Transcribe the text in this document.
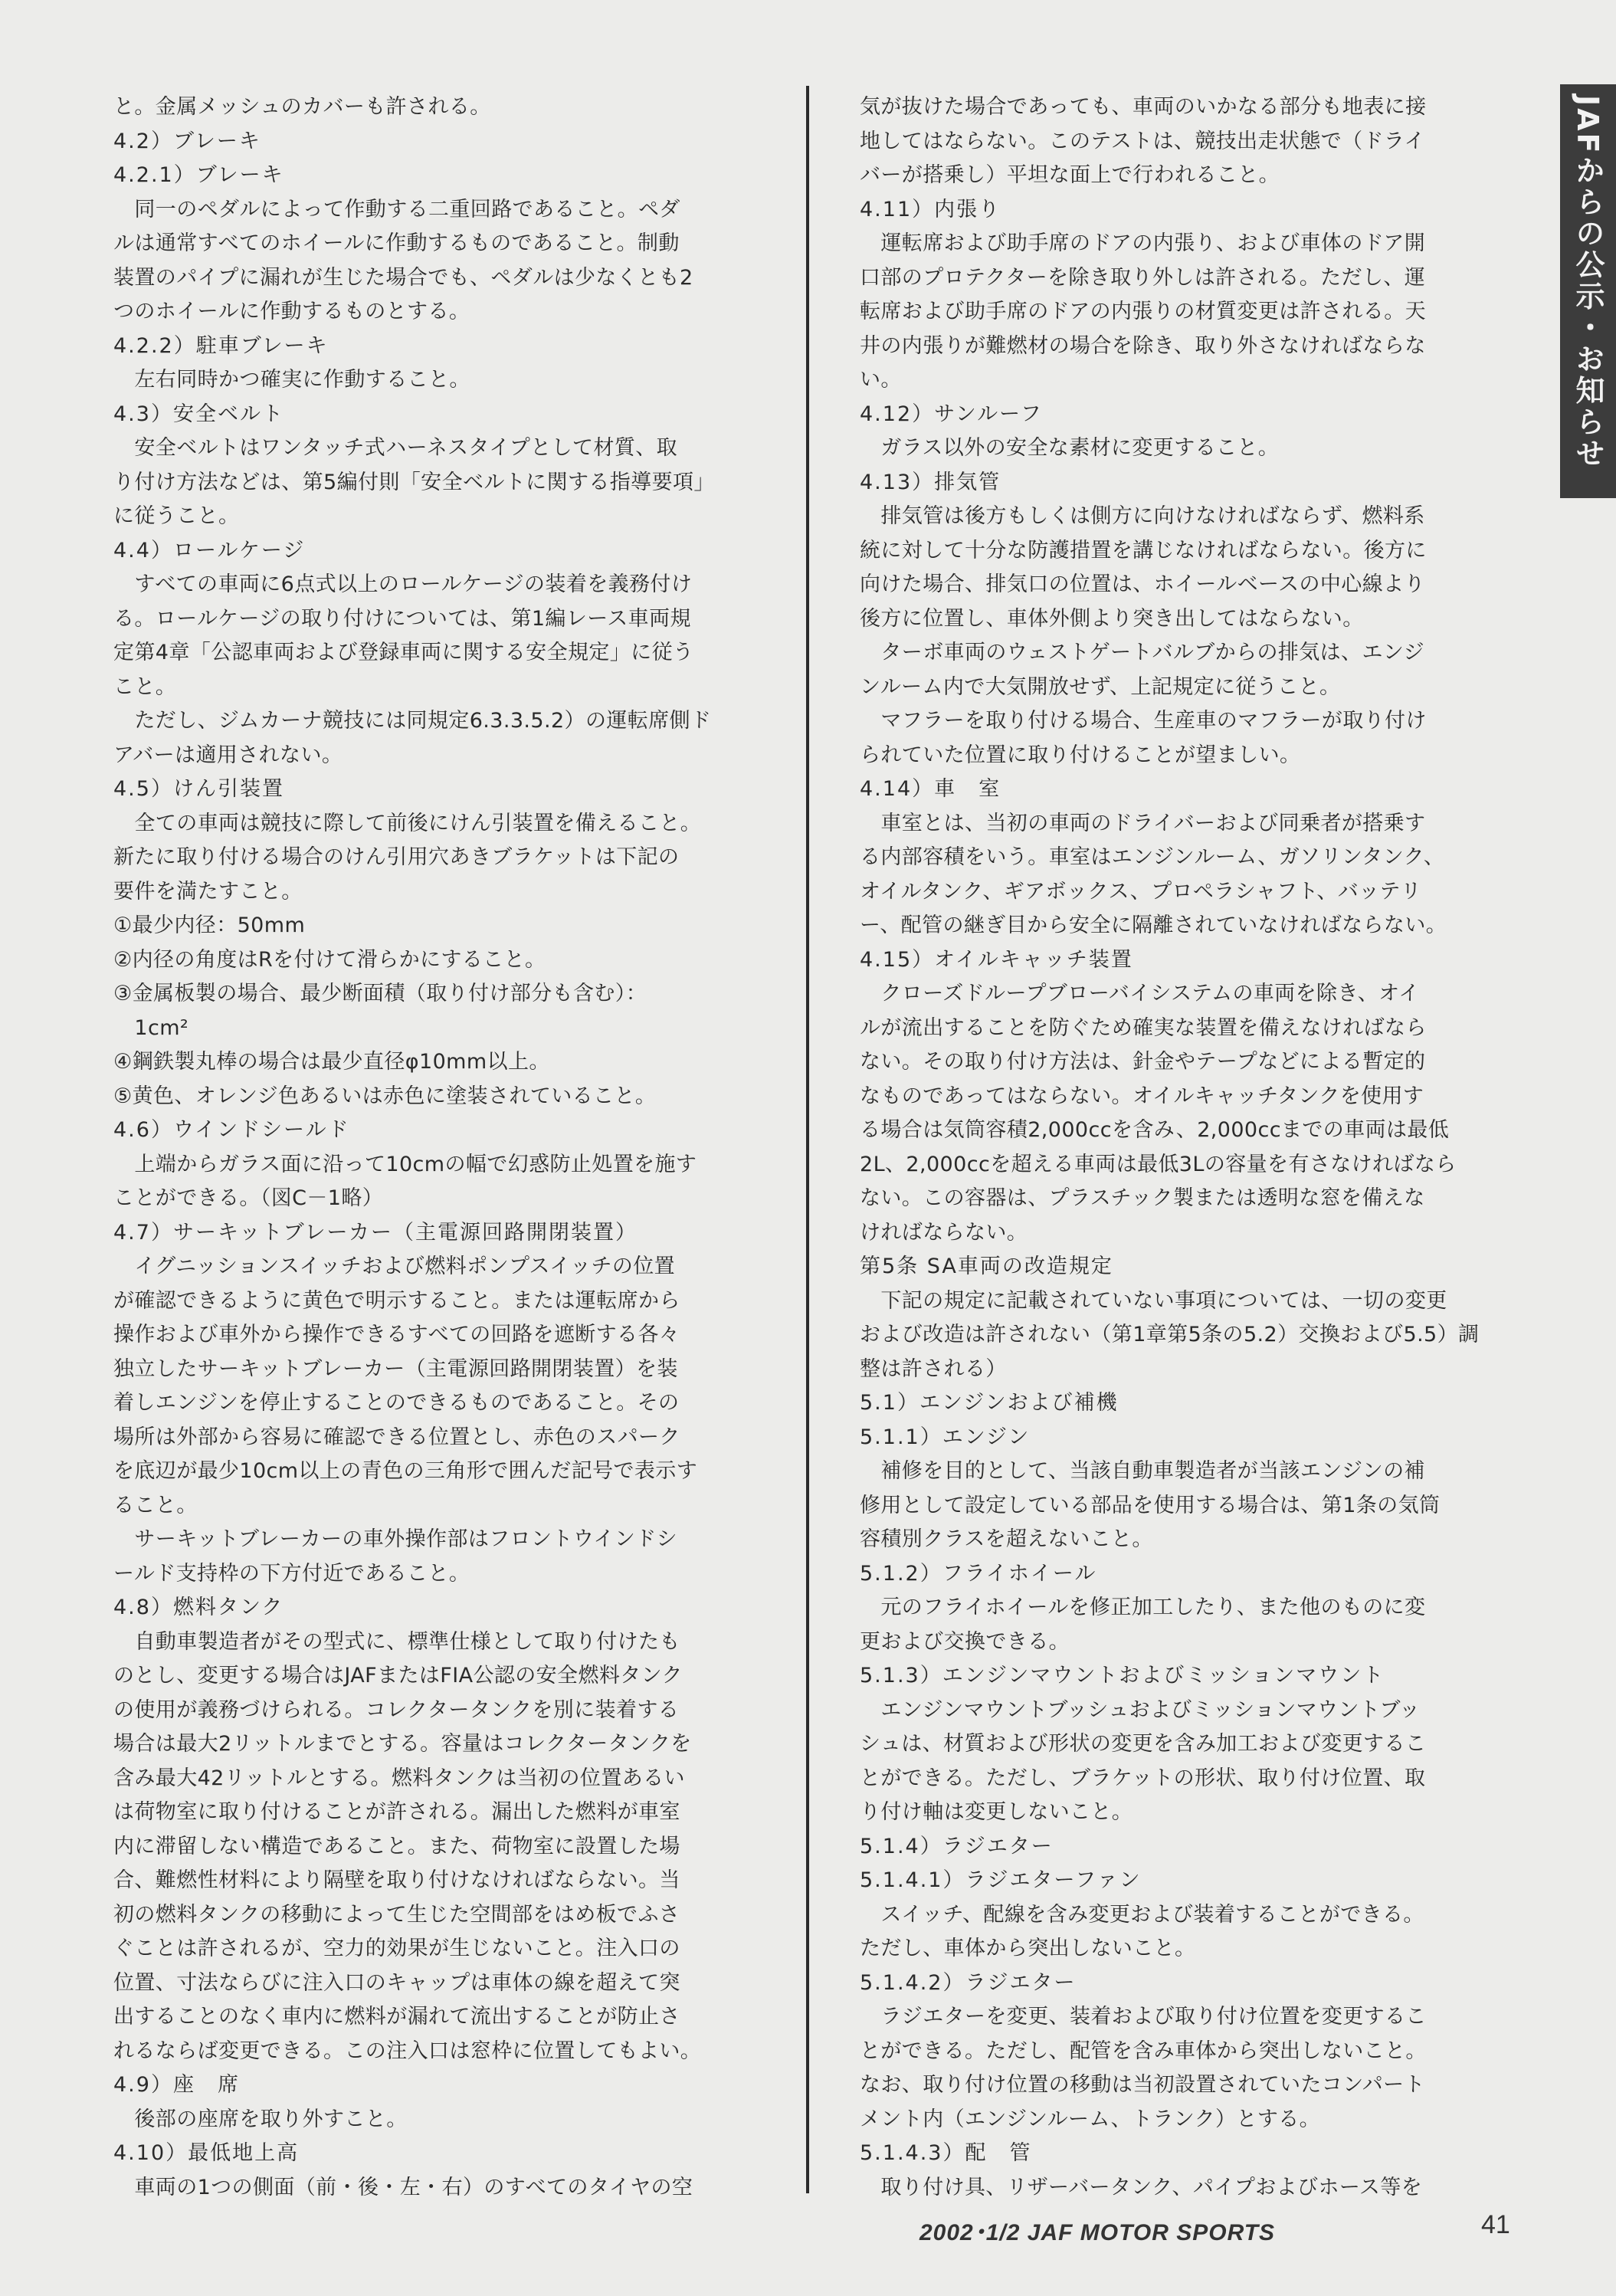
と。金属メッシュのカバーも許される。
4.2）ブレーキ
4.2.1）ブレーキ
　同一のペダルによって作動する二重回路であること。ペダ
ルは通常すべてのホイールに作動するものであること。制動
装置のパイプに漏れが生じた場合でも、ペダルは少なくとも2
つのホイールに作動するものとする。
4.2.2）駐車ブレーキ
　左右同時かつ確実に作動すること。
4.3）安全ベルト
　安全ベルトはワンタッチ式ハーネスタイプとして材質、取
り付け方法などは、第5編付則「安全ベルトに関する指導要項」
に従うこと。
4.4）ロールケージ
　すべての車両に6点式以上のロールケージの装着を義務付け
る。ロールケージの取り付けについては、第1編レース車両規
定第4章「公認車両および登録車両に関する安全規定」に従う
こと。
　ただし、ジムカーナ競技には同規定6.3.3.5.2）の運転席側ド
アバーは適用されない。
4.5）けん引装置
　全ての車両は競技に際して前後にけん引装置を備えること。
新たに取り付ける場合のけん引用穴あきブラケットは下記の
要件を満たすこと。
①最少内径：50mm
②内径の角度はRを付けて滑らかにすること。
③金属板製の場合、最少断面積（取り付け部分も含む）：
　1cm²
④鋼鉄製丸棒の場合は最少直径φ10mm以上。
⑤黄色、オレンジ色あるいは赤色に塗装されていること。
4.6）ウインドシールド
　上端からガラス面に沿って10cmの幅で幻惑防止処置を施す
ことができる。（図C－1略）
4.7）サーキットブレーカー（主電源回路開閉装置）
　イグニッションスイッチおよび燃料ポンプスイッチの位置
が確認できるように黄色で明示すること。または運転席から
操作および車外から操作できるすべての回路を遮断する各々
独立したサーキットブレーカー（主電源回路開閉装置）を装
着しエンジンを停止することのできるものであること。その
場所は外部から容易に確認できる位置とし、赤色のスパーク
を底辺が最少10cm以上の青色の三角形で囲んだ記号で表示す
ること。
　サーキットブレーカーの車外操作部はフロントウインドシ
ールド支持枠の下方付近であること。
4.8）燃料タンク
　自動車製造者がその型式に、標準仕様として取り付けたも
のとし、変更する場合はJAFまたはFIA公認の安全燃料タンク
の使用が義務づけられる。コレクタータンクを別に装着する
場合は最大2リットルまでとする。容量はコレクタータンクを
含み最大42リットルとする。燃料タンクは当初の位置あるい
は荷物室に取り付けることが許される。漏出した燃料が車室
内に滞留しない構造であること。また、荷物室に設置した場
合、難燃性材料により隔壁を取り付けなければならない。当
初の燃料タンクの移動によって生じた空間部をはめ板でふさ
ぐことは許されるが、空力的効果が生じないこと。注入口の
位置、寸法ならびに注入口のキャップは車体の線を超えて突
出することのなく車内に燃料が漏れて流出することが防止さ
れるならば変更できる。この注入口は窓枠に位置してもよい。
4.9）座　席
　後部の座席を取り外すこと。
4.10）最低地上高
　車両の1つの側面（前・後・左・右）のすべてのタイヤの空
気が抜けた場合であっても、車両のいかなる部分も地表に接
地してはならない。このテストは、競技出走状態で（ドライ
バーが搭乗し）平坦な面上で行われること。
4.11）内張り
　運転席および助手席のドアの内張り、および車体のドア開
口部のプロテクターを除き取り外しは許される。ただし、運
転席および助手席のドアの内張りの材質変更は許される。天
井の内張りが難燃材の場合を除き、取り外さなければならな
い。
4.12）サンルーフ
　ガラス以外の安全な素材に変更すること。
4.13）排気管
　排気管は後方もしくは側方に向けなければならず、燃料系
統に対して十分な防護措置を講じなければならない。後方に
向けた場合、排気口の位置は、ホイールベースの中心線より
後方に位置し、車体外側より突き出してはならない。
　ターボ車両のウェストゲートバルブからの排気は、エンジ
ンルーム内で大気開放せず、上記規定に従うこと。
　マフラーを取り付ける場合、生産車のマフラーが取り付け
られていた位置に取り付けることが望ましい。
4.14）車　室
　車室とは、当初の車両のドライバーおよび同乗者が搭乗す
る内部容積をいう。車室はエンジンルーム、ガソリンタンク、
オイルタンク、ギアボックス、プロペラシャフト、バッテリ
ー、配管の継ぎ目から安全に隔離されていなければならない。
4.15）オイルキャッチ装置
　クローズドループブローバイシステムの車両を除き、オイ
ルが流出することを防ぐため確実な装置を備えなければなら
ない。その取り付け方法は、針金やテープなどによる暫定的
なものであってはならない。オイルキャッチタンクを使用す
る場合は気筒容積2,000ccを含み、2,000ccまでの車両は最低
2L、2,000ccを超える車両は最低3Lの容量を有さなければなら
ない。この容器は、プラスチック製または透明な窓を備えな
ければならない。
第5条 SA車両の改造規定
　下記の規定に記載されていない事項については、一切の変更
および改造は許されない（第1章第5条の5.2）交換および5.5）調
整は許される）
5.1）エンジンおよび補機
5.1.1）エンジン
　補修を目的として、当該自動車製造者が当該エンジンの補
修用として設定している部品を使用する場合は、第1条の気筒
容積別クラスを超えないこと。
5.1.2）フライホイール
　元のフライホイールを修正加工したり、また他のものに変
更および交換できる。
5.1.3）エンジンマウントおよびミッションマウント
　エンジンマウントブッシュおよびミッションマウントブッ
シュは、材質および形状の変更を含み加工および変更するこ
とができる。ただし、ブラケットの形状、取り付け位置、取
り付け軸は変更しないこと。
5.1.4）ラジエター
5.1.4.1）ラジエターファン
　スイッチ、配線を含み変更および装着することができる。
ただし、車体から突出しないこと。
5.1.4.2）ラジエター
　ラジエターを変更、装着および取り付け位置を変更するこ
とができる。ただし、配管を含み車体から突出しないこと。
なお、取り付け位置の移動は当初設置されていたコンパート
メント内（エンジンルーム、トランク）とする。
5.1.4.3）配　管
　取り付け具、リザーバータンク、パイプおよびホース等を
JAFからの公示・お知らせ
2002･1/2 JAF MOTOR SPORTS	41
